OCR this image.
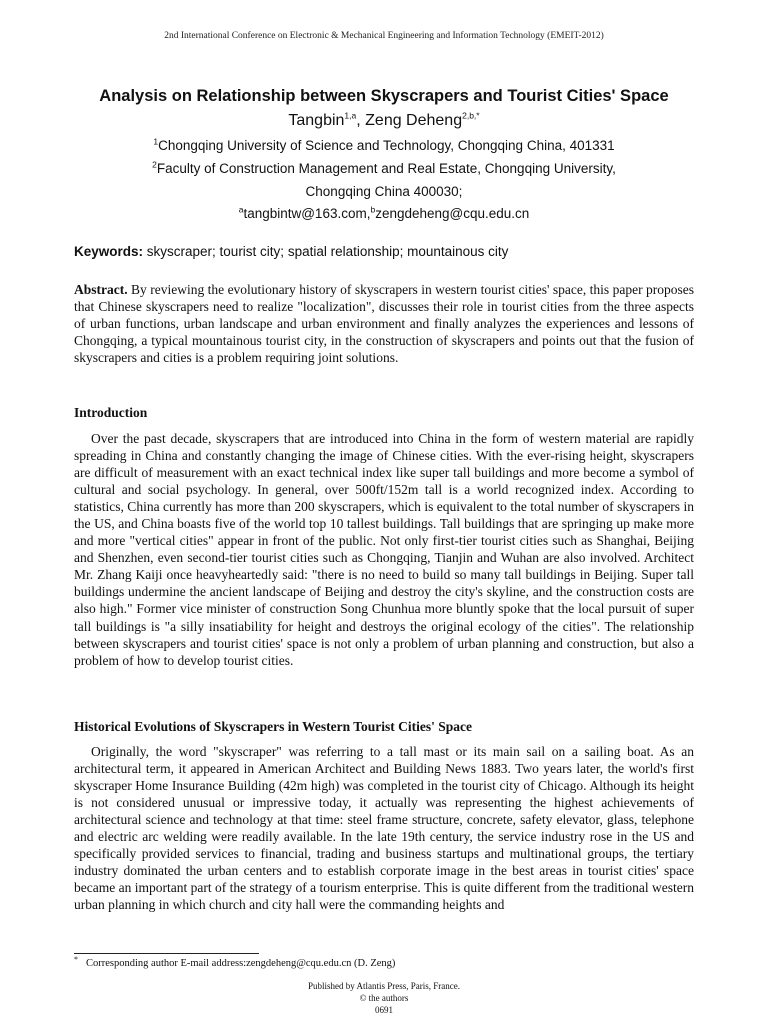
2nd International Conference on Electronic & Mechanical Engineering and Information Technology (EMEIT-2012)
Analysis on Relationship between Skyscrapers and Tourist Cities' Space
Tangbin$^{1,a}$, Zeng Deheng$^{2,b,*}$
$^1$Chongqing University of Science and Technology, Chongqing China, 401331
$^2$Faculty of Construction Management and Real Estate, Chongqing University,
Chongqing China 400030;
$^a$tangbintw@163.com,$^b$zengdeheng@cqu.edu.cn
Keywords: skyscraper; tourist city; spatial relationship; mountainous city
Abstract. By reviewing the evolutionary history of skyscrapers in western tourist cities' space, this paper proposes that Chinese skyscrapers need to realize "localization", discusses their role in tourist cities from the three aspects of urban functions, urban landscape and urban environment and finally analyzes the experiences and lessons of Chongqing, a typical mountainous tourist city, in the construction of skyscrapers and points out that the fusion of skyscrapers and cities is a problem requiring joint solutions.
Introduction
Over the past decade, skyscrapers that are introduced into China in the form of western material are rapidly spreading in China and constantly changing the image of Chinese cities. With the ever-rising height, skyscrapers are difficult of measurement with an exact technical index like super tall buildings and more become a symbol of cultural and social psychology. In general, over 500ft/152m tall is a world recognized index. According to statistics, China currently has more than 200 skyscrapers, which is equivalent to the total number of skyscrapers in the US, and China boasts five of the world top 10 tallest buildings. Tall buildings that are springing up make more and more "vertical cities" appear in front of the public. Not only first-tier tourist cities such as Shanghai, Beijing and Shenzhen, even second-tier tourist cities such as Chongqing, Tianjin and Wuhan are also involved. Architect Mr. Zhang Kaiji once heavyheartedly said: "there is no need to build so many tall buildings in Beijing. Super tall buildings undermine the ancient landscape of Beijing and destroy the city's skyline, and the construction costs are also high." Former vice minister of construction Song Chunhua more bluntly spoke that the local pursuit of super tall buildings is "a silly insatiability for height and destroys the original ecology of the cities". The relationship between skyscrapers and tourist cities' space is not only a problem of urban planning and construction, but also a problem of how to develop tourist cities.
Historical Evolutions of Skyscrapers in Western Tourist Cities' Space
Originally, the word "skyscraper" was referring to a tall mast or its main sail on a sailing boat. As an architectural term, it appeared in American Architect and Building News 1883. Two years later, the world's first skyscraper Home Insurance Building (42m high) was completed in the tourist city of Chicago. Although its height is not considered unusual or impressive today, it actually was representing the highest achievements of architectural science and technology at that time: steel frame structure, concrete, safety elevator, glass, telephone and electric arc welding were readily available. In the late 19th century, the service industry rose in the US and specifically provided services to financial, trading and business startups and multinational groups, the tertiary industry dominated the urban centers and to establish corporate image in the best areas in tourist cities' space became an important part of the strategy of a tourism enterprise. This is quite different from the traditional western urban planning in which church and city hall were the commanding heights and
* Corresponding author E-mail address:zengdeheng@cqu.edu.cn (D. Zeng)
Published by Atlantis Press, Paris, France.
© the authors
0691
